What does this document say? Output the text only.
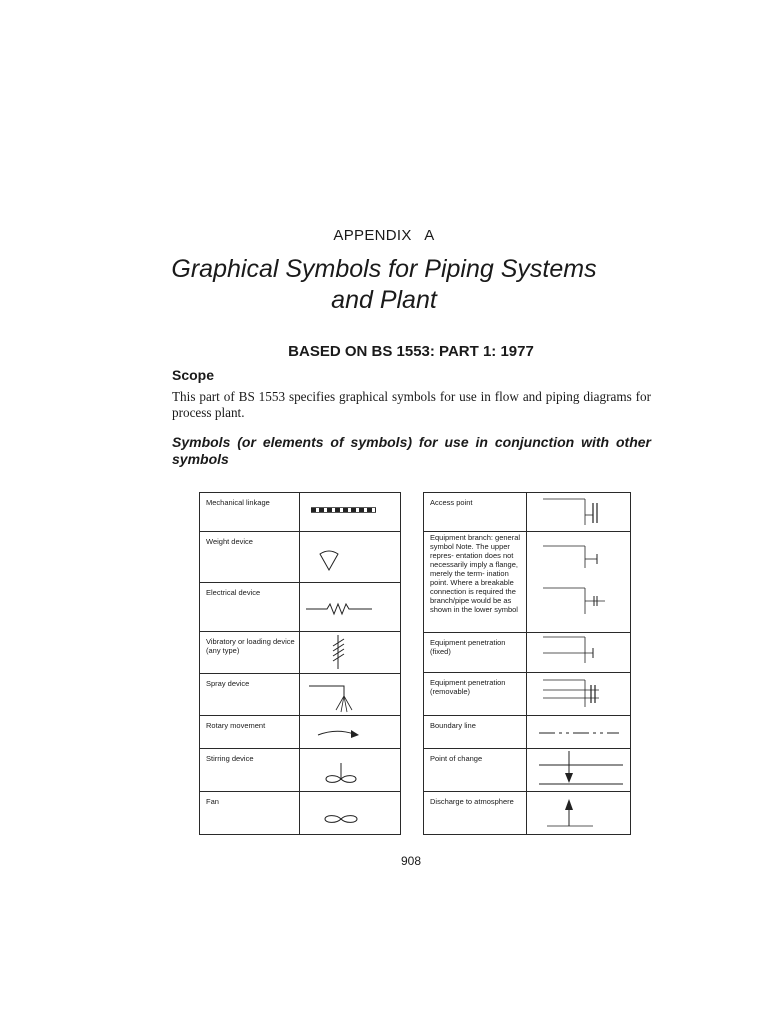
APPENDIX   A
Graphical Symbols for Piping Systems
and Plant
BASED ON BS 1553: PART 1: 1977
Scope
This part of BS 1553 specifies graphical symbols for use in flow and piping diagrams for process plant.
Symbols (or elements of symbols) for use in conjunction with other symbols
Mechanical linkage	

Weight device	

Electrical device	

Vibratory or loading device (any type)	

Spray device	

Rotary movement	

Stirring device	

Fan	
Access point	

Equipment branch: general symbol Note. The upper repres- entation does not necessarily imply a flange, merely the term- ination point. Where a breakable connection is required the branch/pipe would be as shown in the lower symbol	

Equipment penetration (fixed)	

Equipment penetration (removable)	

Boundary line	

Point of change	

Discharge to atmosphere	
908
